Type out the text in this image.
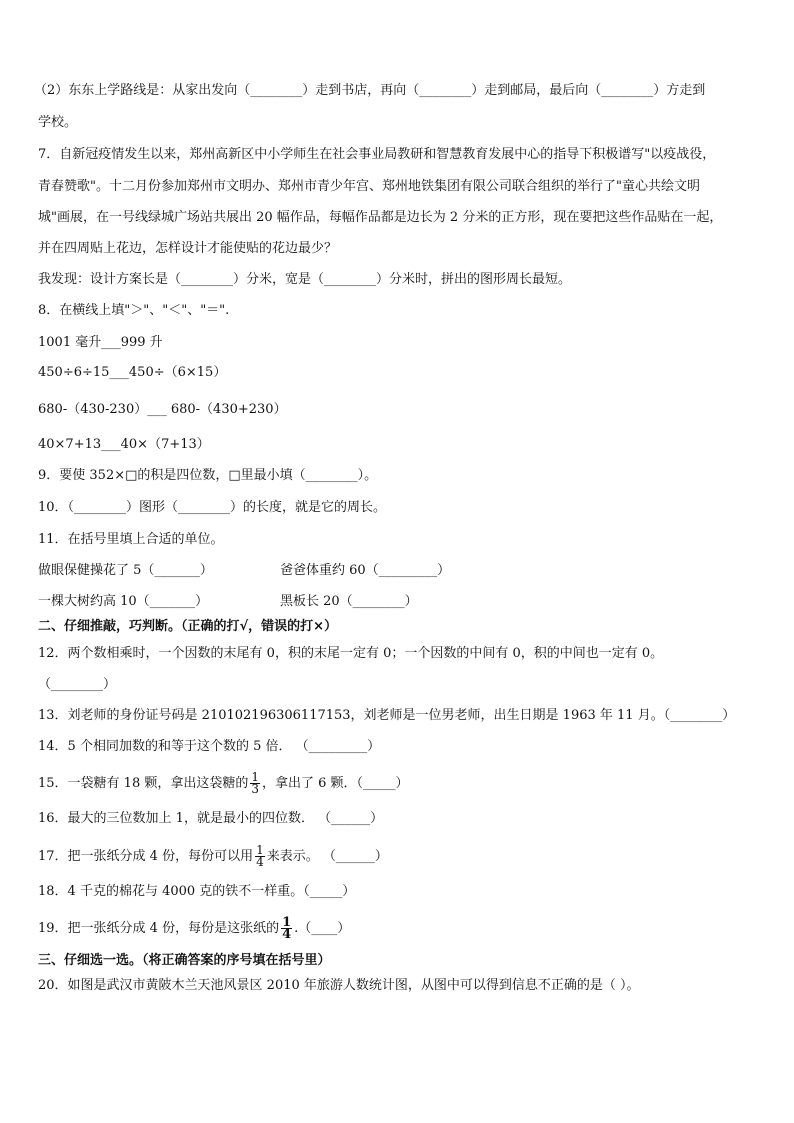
（2）东东上学路线是：从家出发向（________）走到书店，再向（________）走到邮局，最后向（________）方走到
学校。
7．自新冠疫情发生以来，郑州高新区中小学师生在社会事业局教研和智慧教育发展中心的指导下积极谱写"以疫战役，
青春赞歌"。十二月份参加郑州市文明办、郑州市青少年宫、郑州地铁集团有限公司联合组织的举行了"童心共绘文明
城"画展，在一号线绿城广场站共展出 20 幅作品，每幅作品都是边长为 2 分米的正方形，现在要把这些作品贴在一起，
并在四周贴上花边，怎样设计才能使贴的花边最少？
我发现：设计方案长是（________）分米，宽是（________）分米时，拼出的图形周长最短。
8．在横线上填"＞"、"＜"、"＝".
1001 毫升___999 升
450÷6÷15___450÷（6×15）
680-（430-230）___ 680-（430+230）
40×7+13___40×（7+13）
9．要使 352×□的积是四位数，□里最小填（________）。
10．（________）图形（________）的长度，就是它的周长。
11．在括号里填上合适的单位。
做眼保健操花了 5（_______）	爸爸体重约 60（_________）
一棵大树约高 10（_______）	黑板长 20（________）
二、仔细推敲，巧判断。（正确的打√，错误的打×）
12．两个数相乘时，一个因数的末尾有 0，积的末尾一定有 0；一个因数的中间有 0，积的中间也一定有 0。
（________）
13．刘老师的身份证号码是 210102196306117153，刘老师是一位男老师，出生日期是 1963 年 11 月。（________）
14．5 个相同加数的和等于这个数的 5 倍． （_________）
15．一袋糖有 18 颗，拿出这袋糖的 $\frac{1}{3}$ ，拿出了 6 颗．（_____）
16．最大的三位数加上 1，就是最小的四位数． （______）
17．把一张纸分成 4 份，每份可以用 $\frac{1}{4}$ 来表示。 （______）
18．4 千克的棉花与 4000 克的铁不一样重。（_____）
19．把一张纸分成 4 份，每份是这张纸的 $\frac{1}{4}$ .（____）
三、仔细选一选。（将正确答案的序号填在括号里）
20．如图是武汉市黄陂木兰天池风景区 2010 年旅游人数统计图，从图中可以得到信息不正确的是（ ）。
